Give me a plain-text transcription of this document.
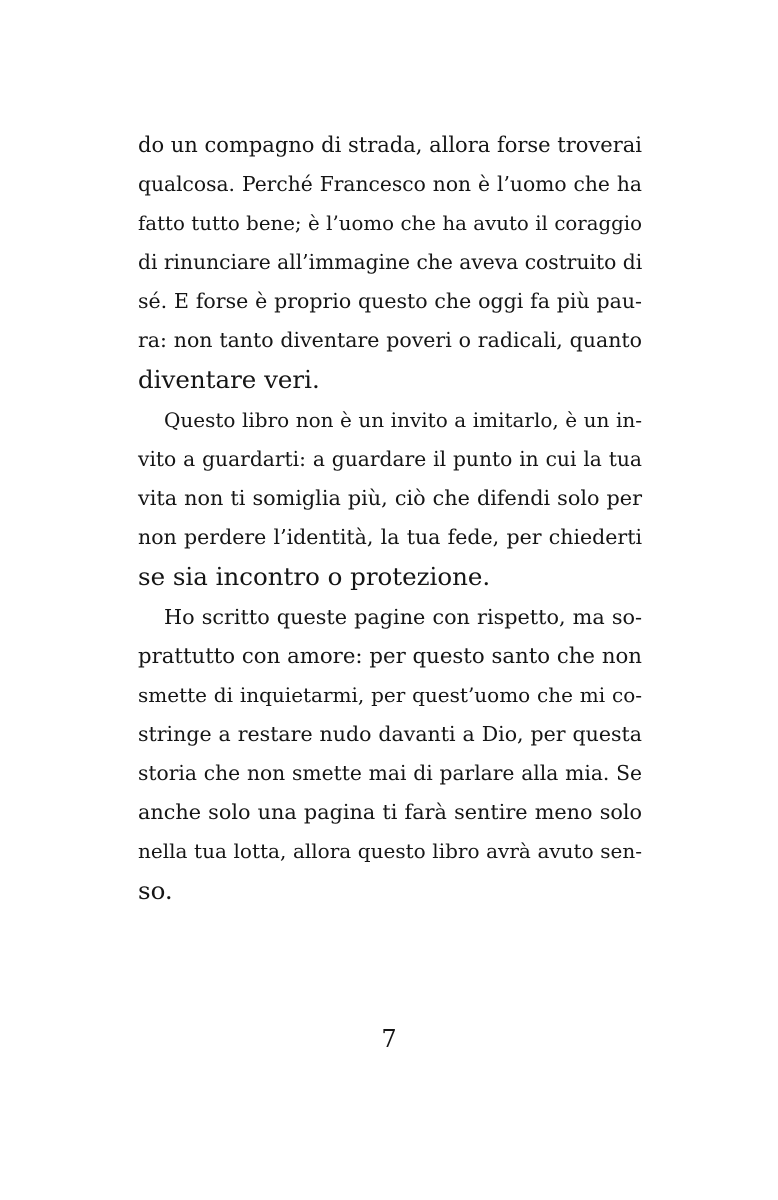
do un compagno di strada, allora forse troverai
qualcosa. Perché Francesco non è l’uomo che ha
fatto tutto bene; è l’uomo che ha avuto il coraggio
di rinunciare all’immagine che aveva costruito di
sé. E forse è proprio questo che oggi fa più pau-
ra: non tanto diventare poveri o radicali, quanto
diventare veri.

Questo libro non è un invito a imitarlo, è un in-
vito a guardarti: a guardare il punto in cui la tua
vita non ti somiglia più, ciò che difendi solo per
non perdere l’identità, la tua fede, per chiederti
se sia incontro o protezione.

Ho scritto queste pagine con rispetto, ma so-
prattutto con amore: per questo santo che non
smette di inquietarmi, per quest’uomo che mi co-
stringe a restare nudo davanti a Dio, per questa
storia che non smette mai di parlare alla mia. Se
anche solo una pagina ti farà sentire meno solo
nella tua lotta, allora questo libro avrà avuto sen-
so.

7
